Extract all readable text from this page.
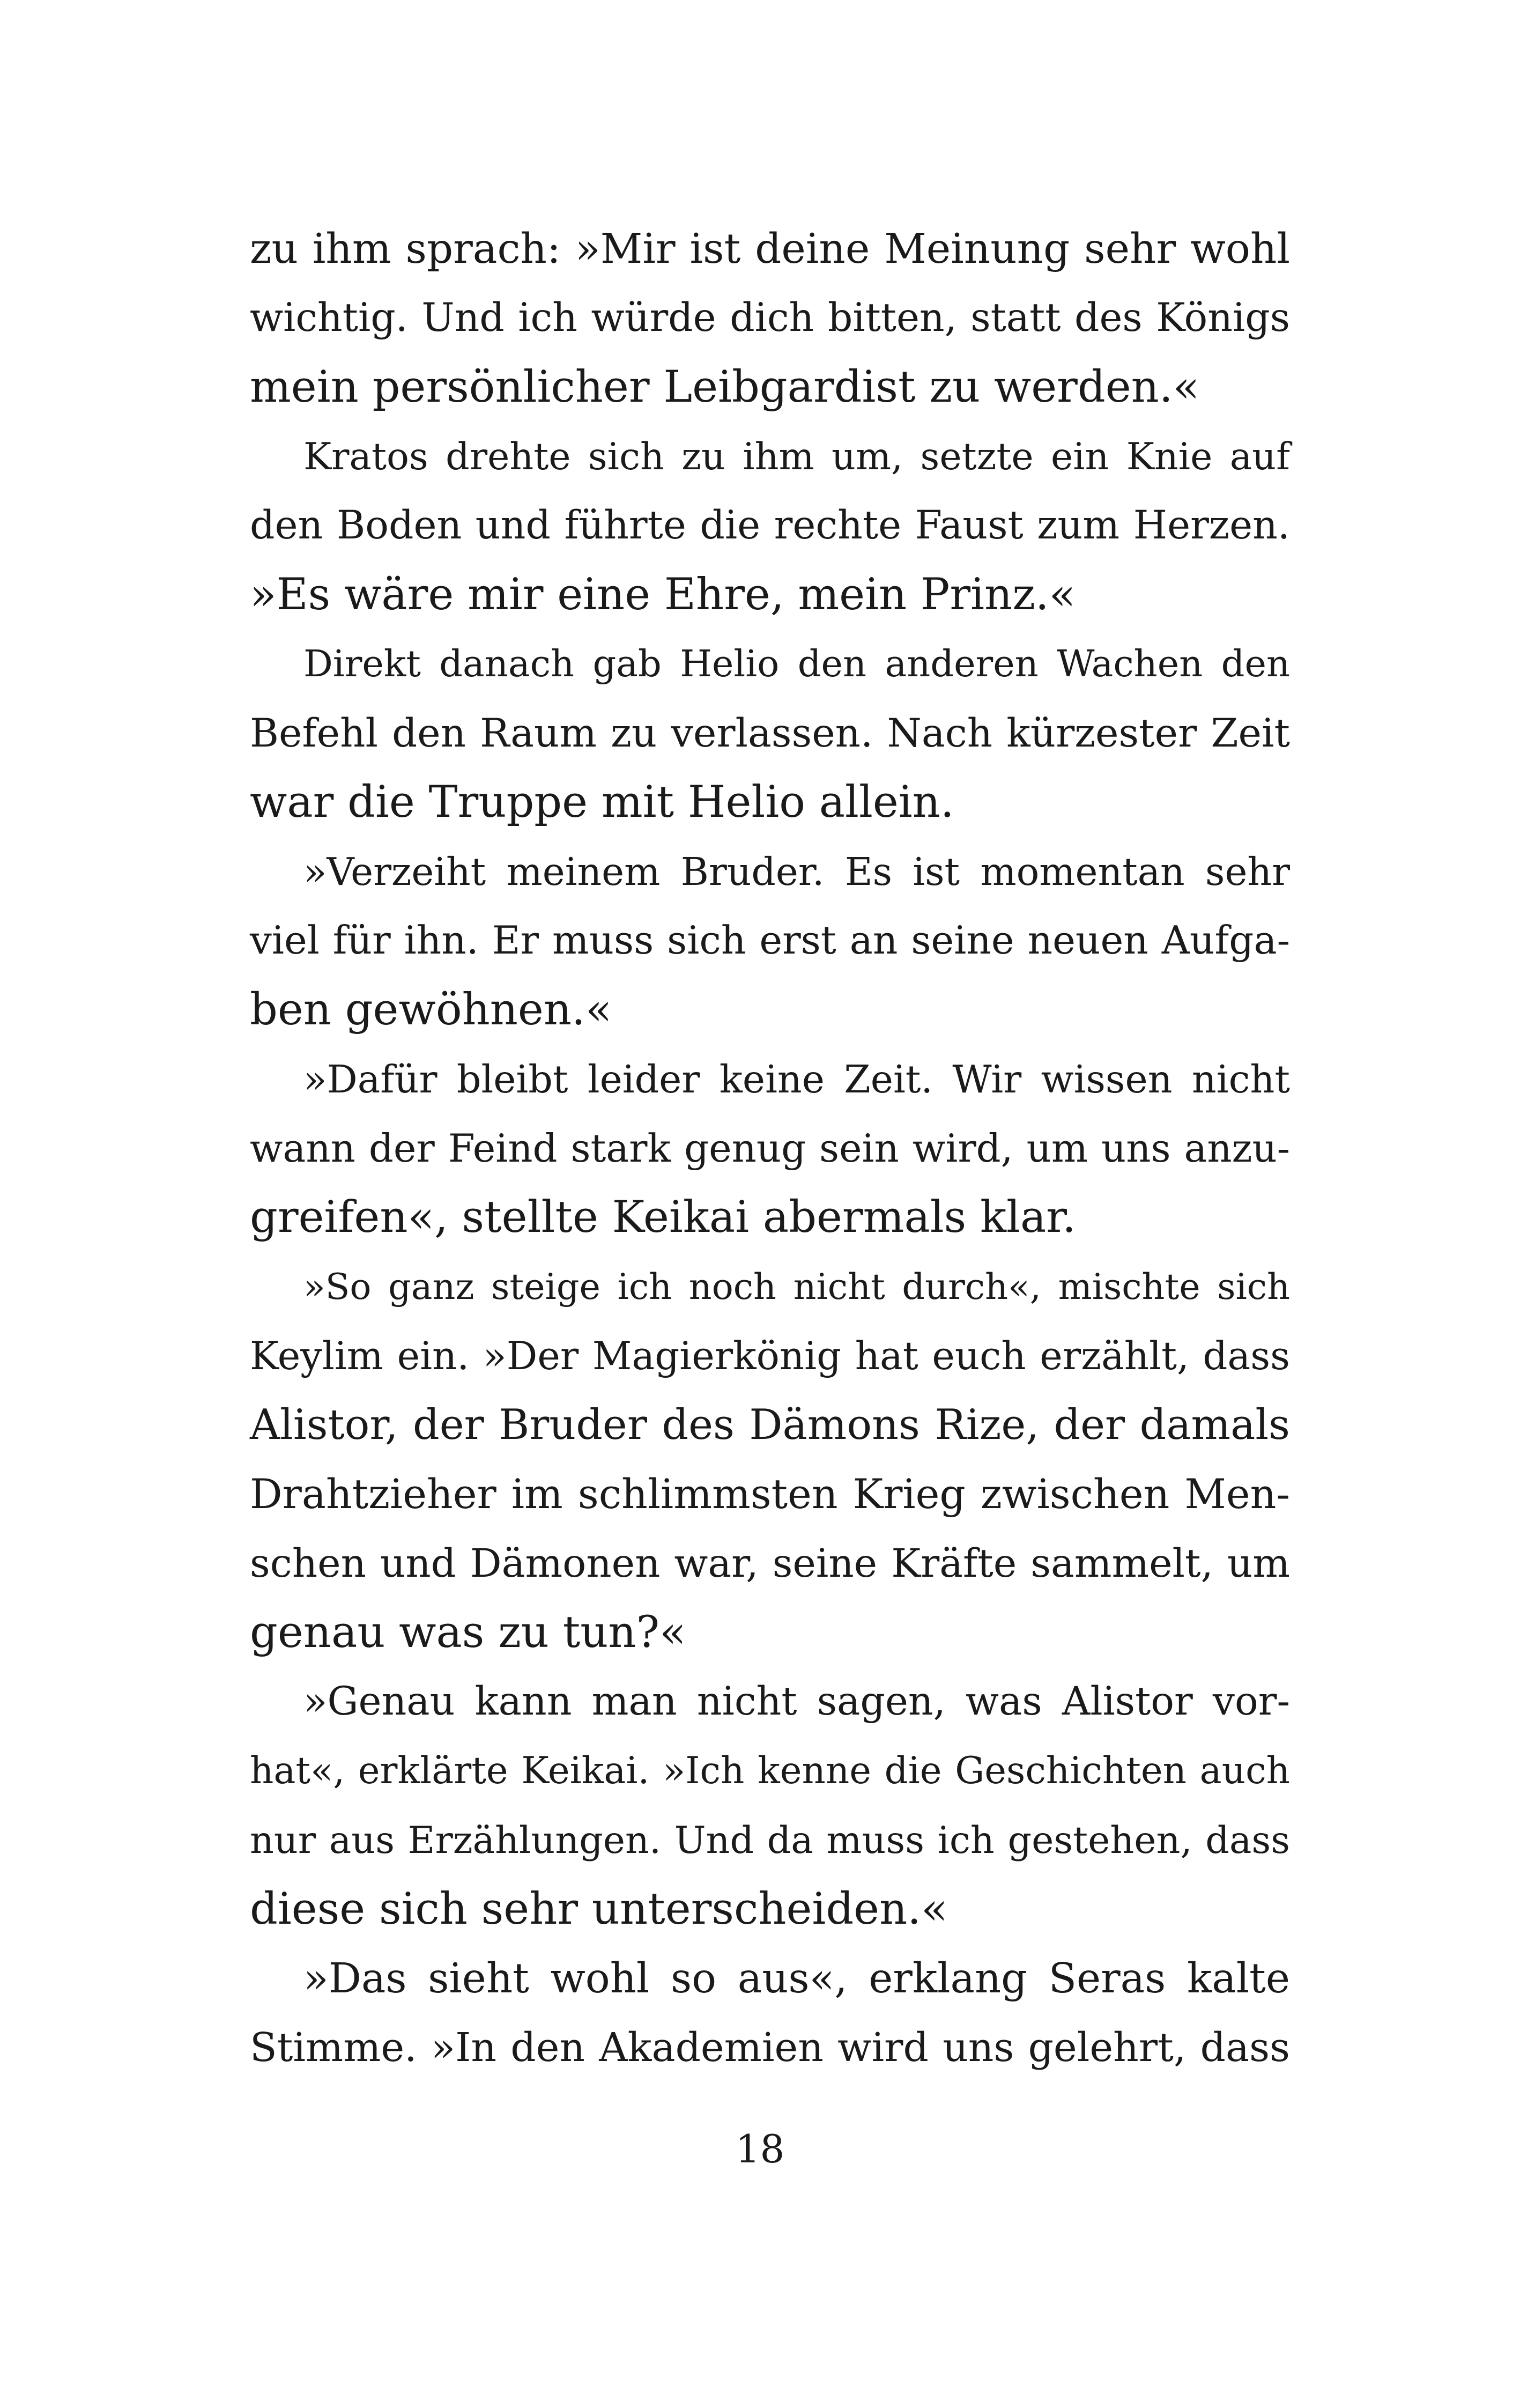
zu ihm sprach: »Mir ist deine Meinung sehr wohl
wichtig. Und ich würde dich bitten, statt des Königs
mein persönlicher Leibgardist zu werden.«
Kratos drehte sich zu ihm um, setzte ein Knie auf
den Boden und führte die rechte Faust zum Herzen.
»Es wäre mir eine Ehre, mein Prinz.«
Direkt danach gab Helio den anderen Wachen den
Befehl den Raum zu verlassen. Nach kürzester Zeit
war die Truppe mit Helio allein.
»Verzeiht meinem Bruder. Es ist momentan sehr
viel für ihn. Er muss sich erst an seine neuen Aufga-
ben gewöhnen.«
»Dafür bleibt leider keine Zeit. Wir wissen nicht
wann der Feind stark genug sein wird, um uns anzu-
greifen«, stellte Keikai abermals klar.
»So ganz steige ich noch nicht durch«, mischte sich
Keylim ein. »Der Magierkönig hat euch erzählt, dass
Alistor, der Bruder des Dämons Rize, der damals
Drahtzieher im schlimmsten Krieg zwischen Men-
schen und Dämonen war, seine Kräfte sammelt, um
genau was zu tun?«
»Genau kann man nicht sagen, was Alistor vor-
hat«, erklärte Keikai. »Ich kenne die Geschichten auch
nur aus Erzählungen. Und da muss ich gestehen, dass
diese sich sehr unterscheiden.«
»Das sieht wohl so aus«, erklang Seras kalte
Stimme. »In den Akademien wird uns gelehrt, dass
18
